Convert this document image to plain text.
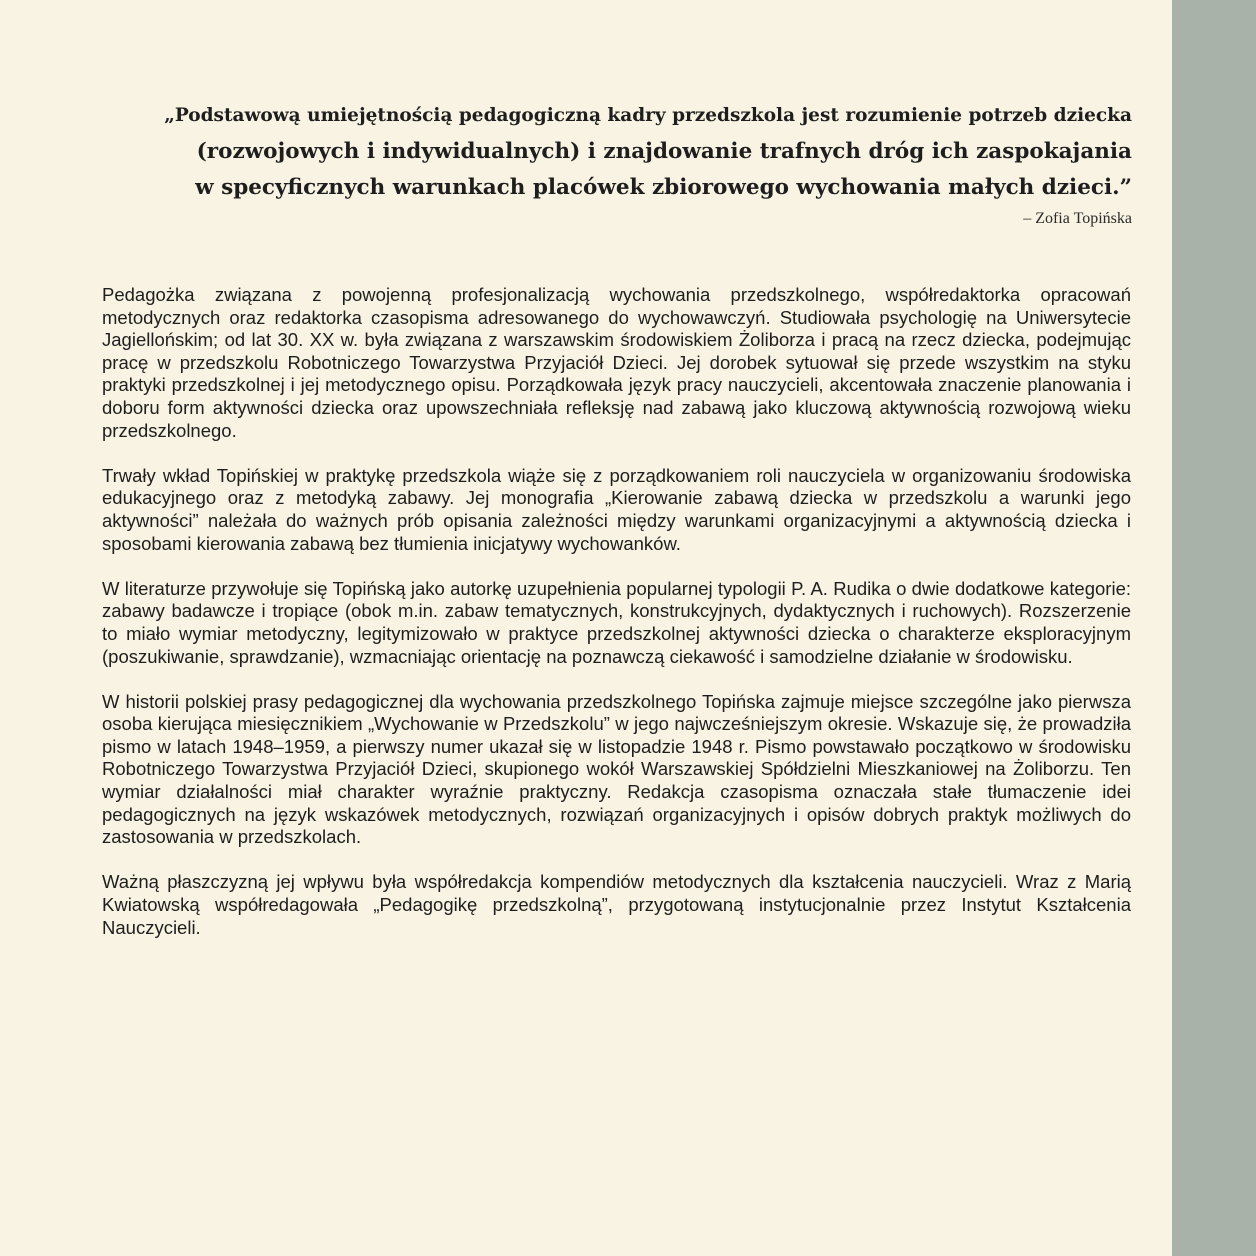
„Podstawową umiejętnością pedagogiczną kadry przedszkola jest rozumienie potrzeb dziecka
(rozwojowych i indywidualnych) i znajdowanie trafnych dróg ich zaspokajania
w specyficznych warunkach placówek zbiorowego wychowania małych dzieci.”
– Zofia Topińska

Pedagożka związana z powojenną profesjonalizacją wychowania przedszkolnego, współredaktorka opracowań metodycznych oraz redaktorka czasopisma adresowanego do wychowawczyń. Studiowała psychologię na Uniwersytecie Jagiellońskim; od lat 30. XX w. była związana z warszawskim środowiskiem Żoliborza i pracą na rzecz dziecka, podejmując pracę w przedszkolu Robotniczego Towarzystwa Przyjaciół Dzieci. Jej dorobek sytuował się przede wszystkim na styku praktyki przedszkolnej i jej metodycznego opisu. Porządkowała język pracy nauczycieli, akcentowała znaczenie planowania i doboru form aktywności dziecka oraz upowszechniała refleksję nad zabawą jako kluczową aktywnością rozwojową wieku przedszkolnego.

Trwały wkład Topińskiej w praktykę przedszkola wiąże się z porządkowaniem roli nauczyciela w organizowaniu środowiska edukacyjnego oraz z metodyką zabawy. Jej monografia „Kierowanie zabawą dziecka w przedszkolu a warunki jego aktywności” należała do ważnych prób opisania zależności między warunkami organizacyjnymi a aktywnością dziecka i sposobami kierowania zabawą bez tłumienia inicjatywy wychowanków.

W literaturze przywołuje się Topińską jako autorkę uzupełnienia popularnej typologii P. A. Rudika o dwie dodatkowe kategorie: zabawy badawcze i tropiące (obok m.in. zabaw tematycznych, konstrukcyjnych, dydaktycznych i ruchowych). Rozszerzenie to miało wymiar metodyczny, legitymizowało w praktyce przedszkolnej aktywności dziecka o charakterze eksploracyjnym (poszukiwanie, sprawdzanie), wzmacniając orientację na poznawczą ciekawość i samodzielne działanie w środowisku.

W historii polskiej prasy pedagogicznej dla wychowania przedszkolnego Topińska zajmuje miejsce szczególne jako pierwsza osoba kierująca miesięcznikiem „Wychowanie w Przedszkolu” w jego najwcześniejszym okresie. Wskazuje się, że prowadziła pismo w latach 1948–1959, a pierwszy numer ukazał się w listopadzie 1948 r. Pismo powstawało początkowo w środowisku Robotniczego Towarzystwa Przyjaciół Dzieci, skupionego wokół Warszawskiej Spółdzielni Mieszkaniowej na Żoliborzu. Ten wymiar działalności miał charakter wyraźnie praktyczny. Redakcja czasopisma oznaczała stałe tłumaczenie idei pedagogicznych na język wskazówek metodycznych, rozwiązań organizacyjnych i opisów dobrych praktyk możliwych do zastosowania w przedszkolach.

Ważną płaszczyzną jej wpływu była współredakcja kompendiów metodycznych dla kształcenia nauczycieli. Wraz z Marią Kwiatowską współredagowała „Pedagogikę przedszkolną”, przygotowaną instytucjonalnie przez Instytut Kształcenia Nauczycieli.
